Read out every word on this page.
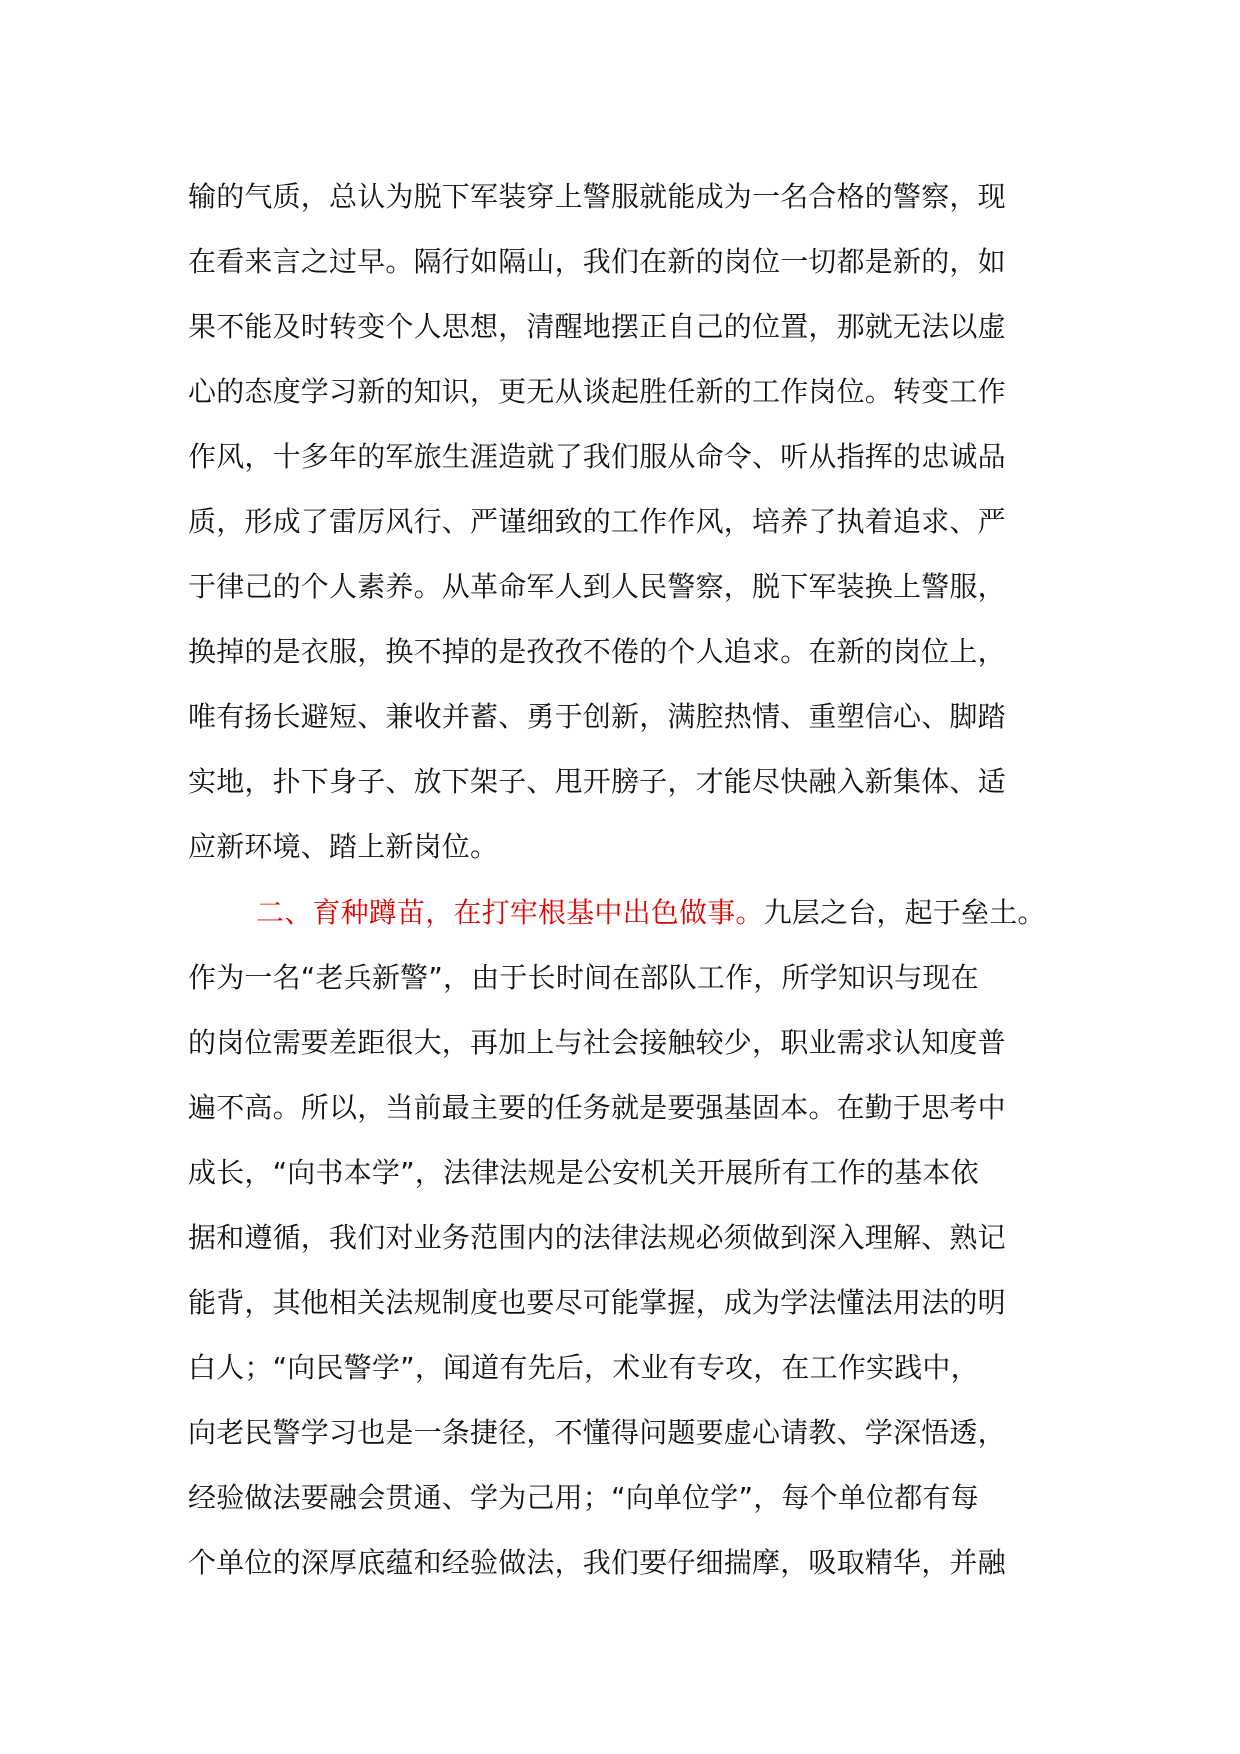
输的气质，总认为脱下军装穿上警服就能成为一名合格的警察，现
在看来言之过早。隔行如隔山，我们在新的岗位一切都是新的，如
果不能及时转变个人思想，清醒地摆正自己的位置，那就无法以虚
心的态度学习新的知识，更无从谈起胜任新的工作岗位。转变工作
作风，十多年的军旅生涯造就了我们服从命令、听从指挥的忠诚品
质，形成了雷厉风行、严谨细致的工作作风，培养了执着追求、严
于律己的个人素养。从革命军人到人民警察，脱下军装换上警服，
换掉的是衣服，换不掉的是孜孜不倦的个人追求。在新的岗位上，
唯有扬长避短、兼收并蓄、勇于创新，满腔热情、重塑信心、脚踏
实地，扑下身子、放下架子、甩开膀子，才能尽快融入新集体、适
应新环境、踏上新岗位。
二、育种蹲苗，在打牢根基中出色做事。九层之台，起于垒土。
作为一名“老兵新警”，由于长时间在部队工作，所学知识与现在
的岗位需要差距很大，再加上与社会接触较少，职业需求认知度普
遍不高。所以，当前最主要的任务就是要强基固本。在勤于思考中
成长，“向书本学”，法律法规是公安机关开展所有工作的基本依
据和遵循，我们对业务范围内的法律法规必须做到深入理解、熟记
能背，其他相关法规制度也要尽可能掌握，成为学法懂法用法的明
白人；“向民警学”，闻道有先后，术业有专攻，在工作实践中，
向老民警学习也是一条捷径，不懂得问题要虚心请教、学深悟透，
经验做法要融会贯通、学为己用；“向单位学”，每个单位都有每
个单位的深厚底蕴和经验做法，我们要仔细揣摩，吸取精华，并融
